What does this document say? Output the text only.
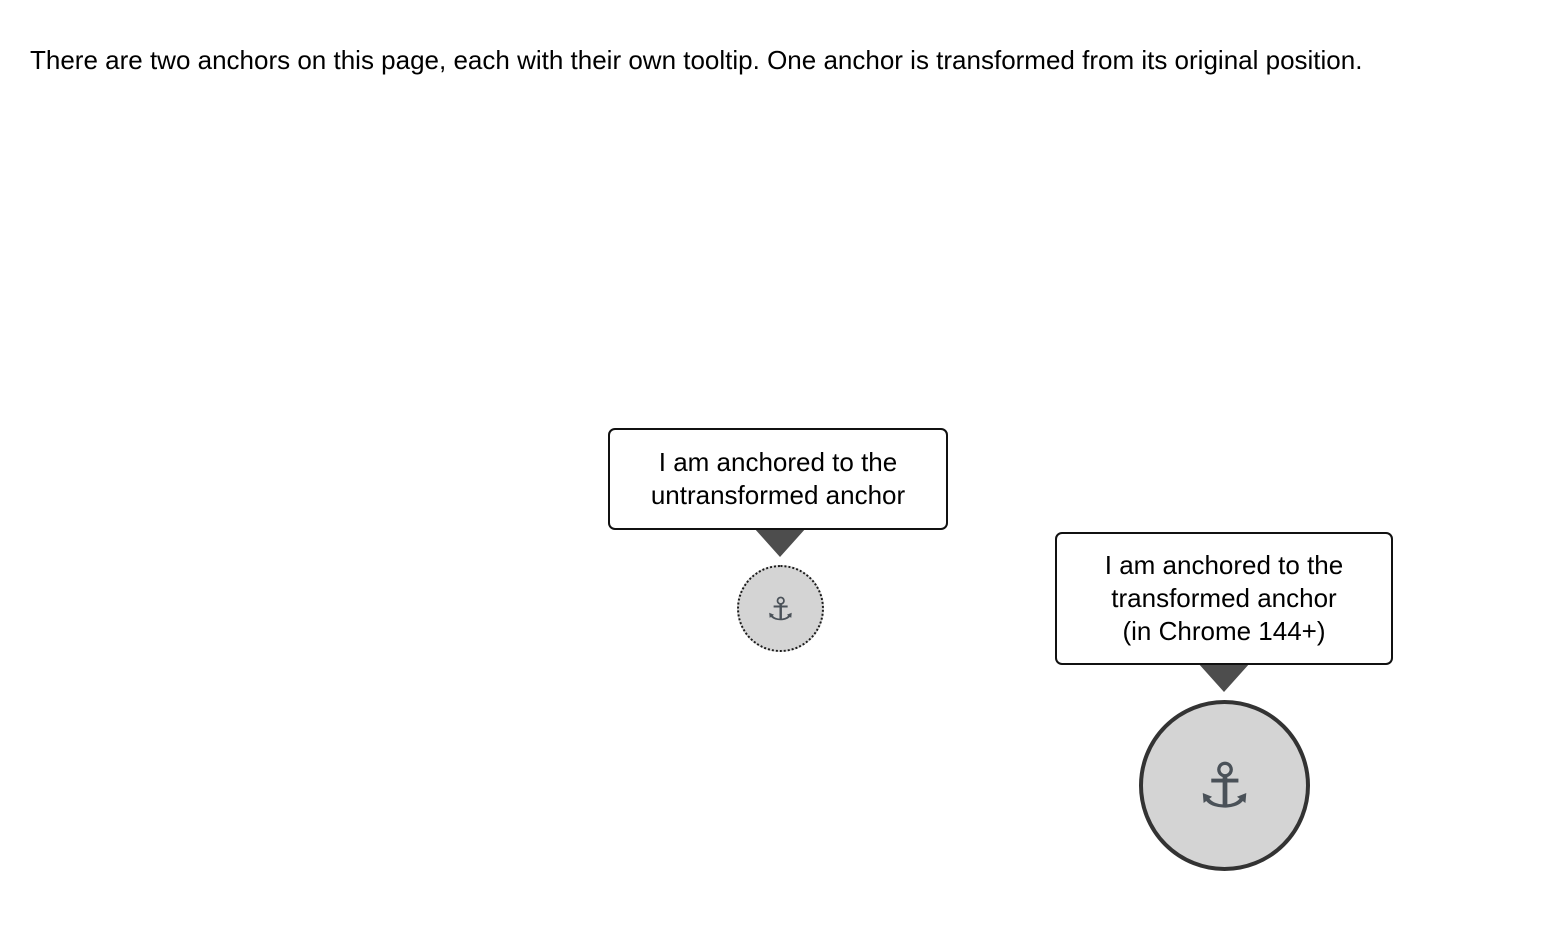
There are two anchors on this page, each with their own tooltip. One anchor is transformed from its original position.

I am anchored to the
untransformed anchor
⚓
I am anchored to the
transformed anchor
(in Chrome 144+)
⚓
